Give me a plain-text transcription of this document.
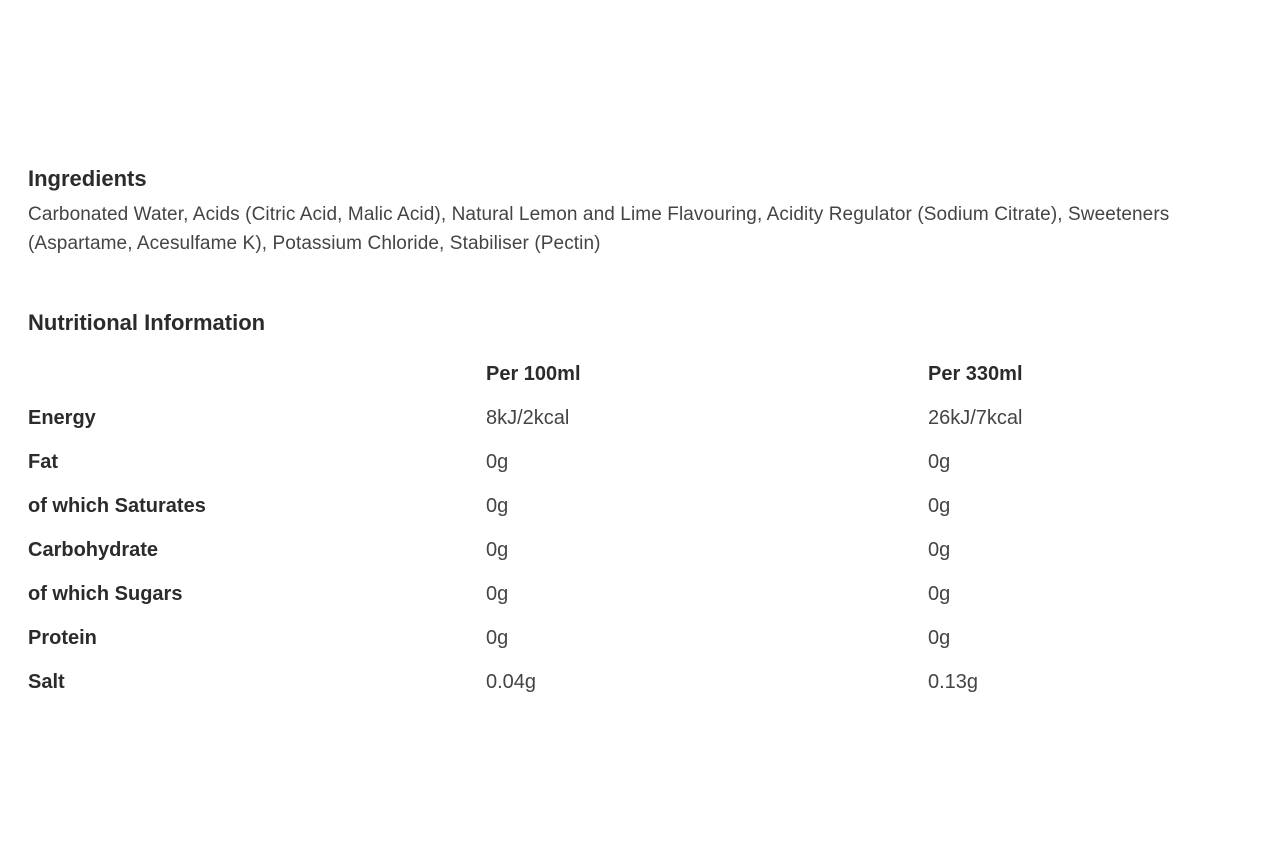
Ingredients
Carbonated Water, Acids (Citric Acid, Malic Acid), Natural Lemon and Lime Flavouring, Acidity Regulator (Sodium Citrate), Sweeteners (Aspartame, Acesulfame K), Potassium Chloride, Stabiliser (Pectin)
Nutritional Information
	Per 100ml	Per 330ml
Energy	8kJ/2kcal	26kJ/7kcal
Fat	0g	0g
of which Saturates	0g	0g
Carbohydrate	0g	0g
of which Sugars	0g	0g
Protein	0g	0g
Salt	0.04g	0.13g
